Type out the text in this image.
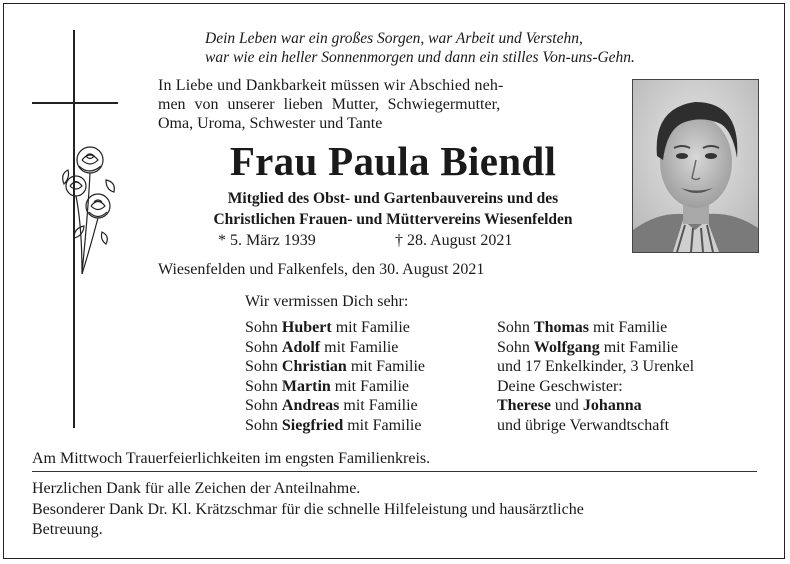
Dein Leben war ein großes Sorgen, war Arbeit und Verstehn,
war wie ein heller Sonnenmorgen und dann ein stilles Von-uns-Gehn.
In Liebe und Dankbarkeit müssen wir Abschied neh-
men von unserer lieben Mutter, Schwiegermutter,
Oma, Uroma, Schwester und Tante
Frau Paula Biendl
Mitglied des Obst- und Gartenbauvereins und des
Christlichen Frauen- und Müttervereins Wiesenfelden
* 5. März 1939	† 28. August 2021
Wiesenfelden und Falkenfels, den 30. August 2021
Wir vermissen Dich sehr:
Sohn Hubert mit Familie
Sohn Adolf mit Familie
Sohn Christian mit Familie
Sohn Martin mit Familie
Sohn Andreas mit Familie
Sohn Siegfried mit Familie
Sohn Thomas mit Familie
Sohn Wolfgang mit Familie
und 17 Enkelkinder, 3 Urenkel
Deine Geschwister:
Therese und Johanna
und übrige Verwandtschaft
Am Mittwoch Trauerfeierlichkeiten im engsten Familienkreis.
Herzlichen Dank für alle Zeichen der Anteilnahme.
Besonderer Dank Dr. Kl. Krätzschmar für die schnelle Hilfeleistung und hausärztliche
Betreuung.
